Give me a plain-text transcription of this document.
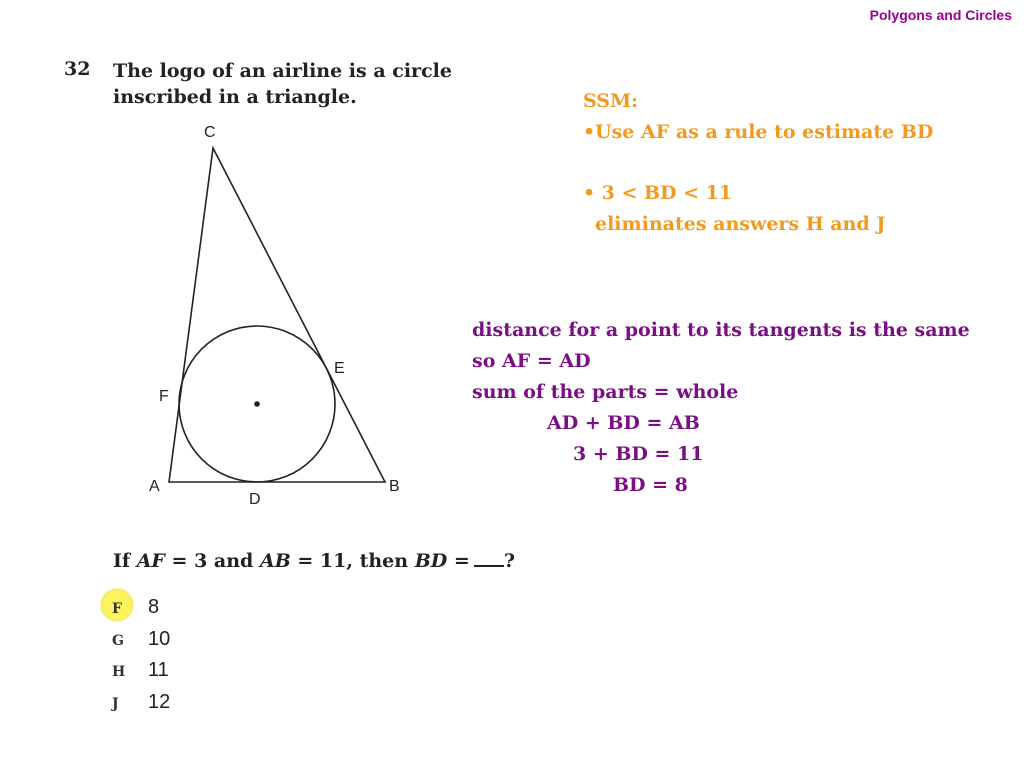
Polygons and Circles
32 The logo of an airline is a circle
inscribed in a triangle.
C
E
F
A
D
B
If AF = 3 and AB = 11, then BD = ?
F	8
G 10
H 11
J	12
SSM:
•Use AF as a rule to estimate BD
• 3 < BD < 11
eliminates answers H and J
distance for a point to its tangents is the same
so AF = AD
sum of the parts = whole
AD + BD = AB
3 + BD = 11
BD = 8
